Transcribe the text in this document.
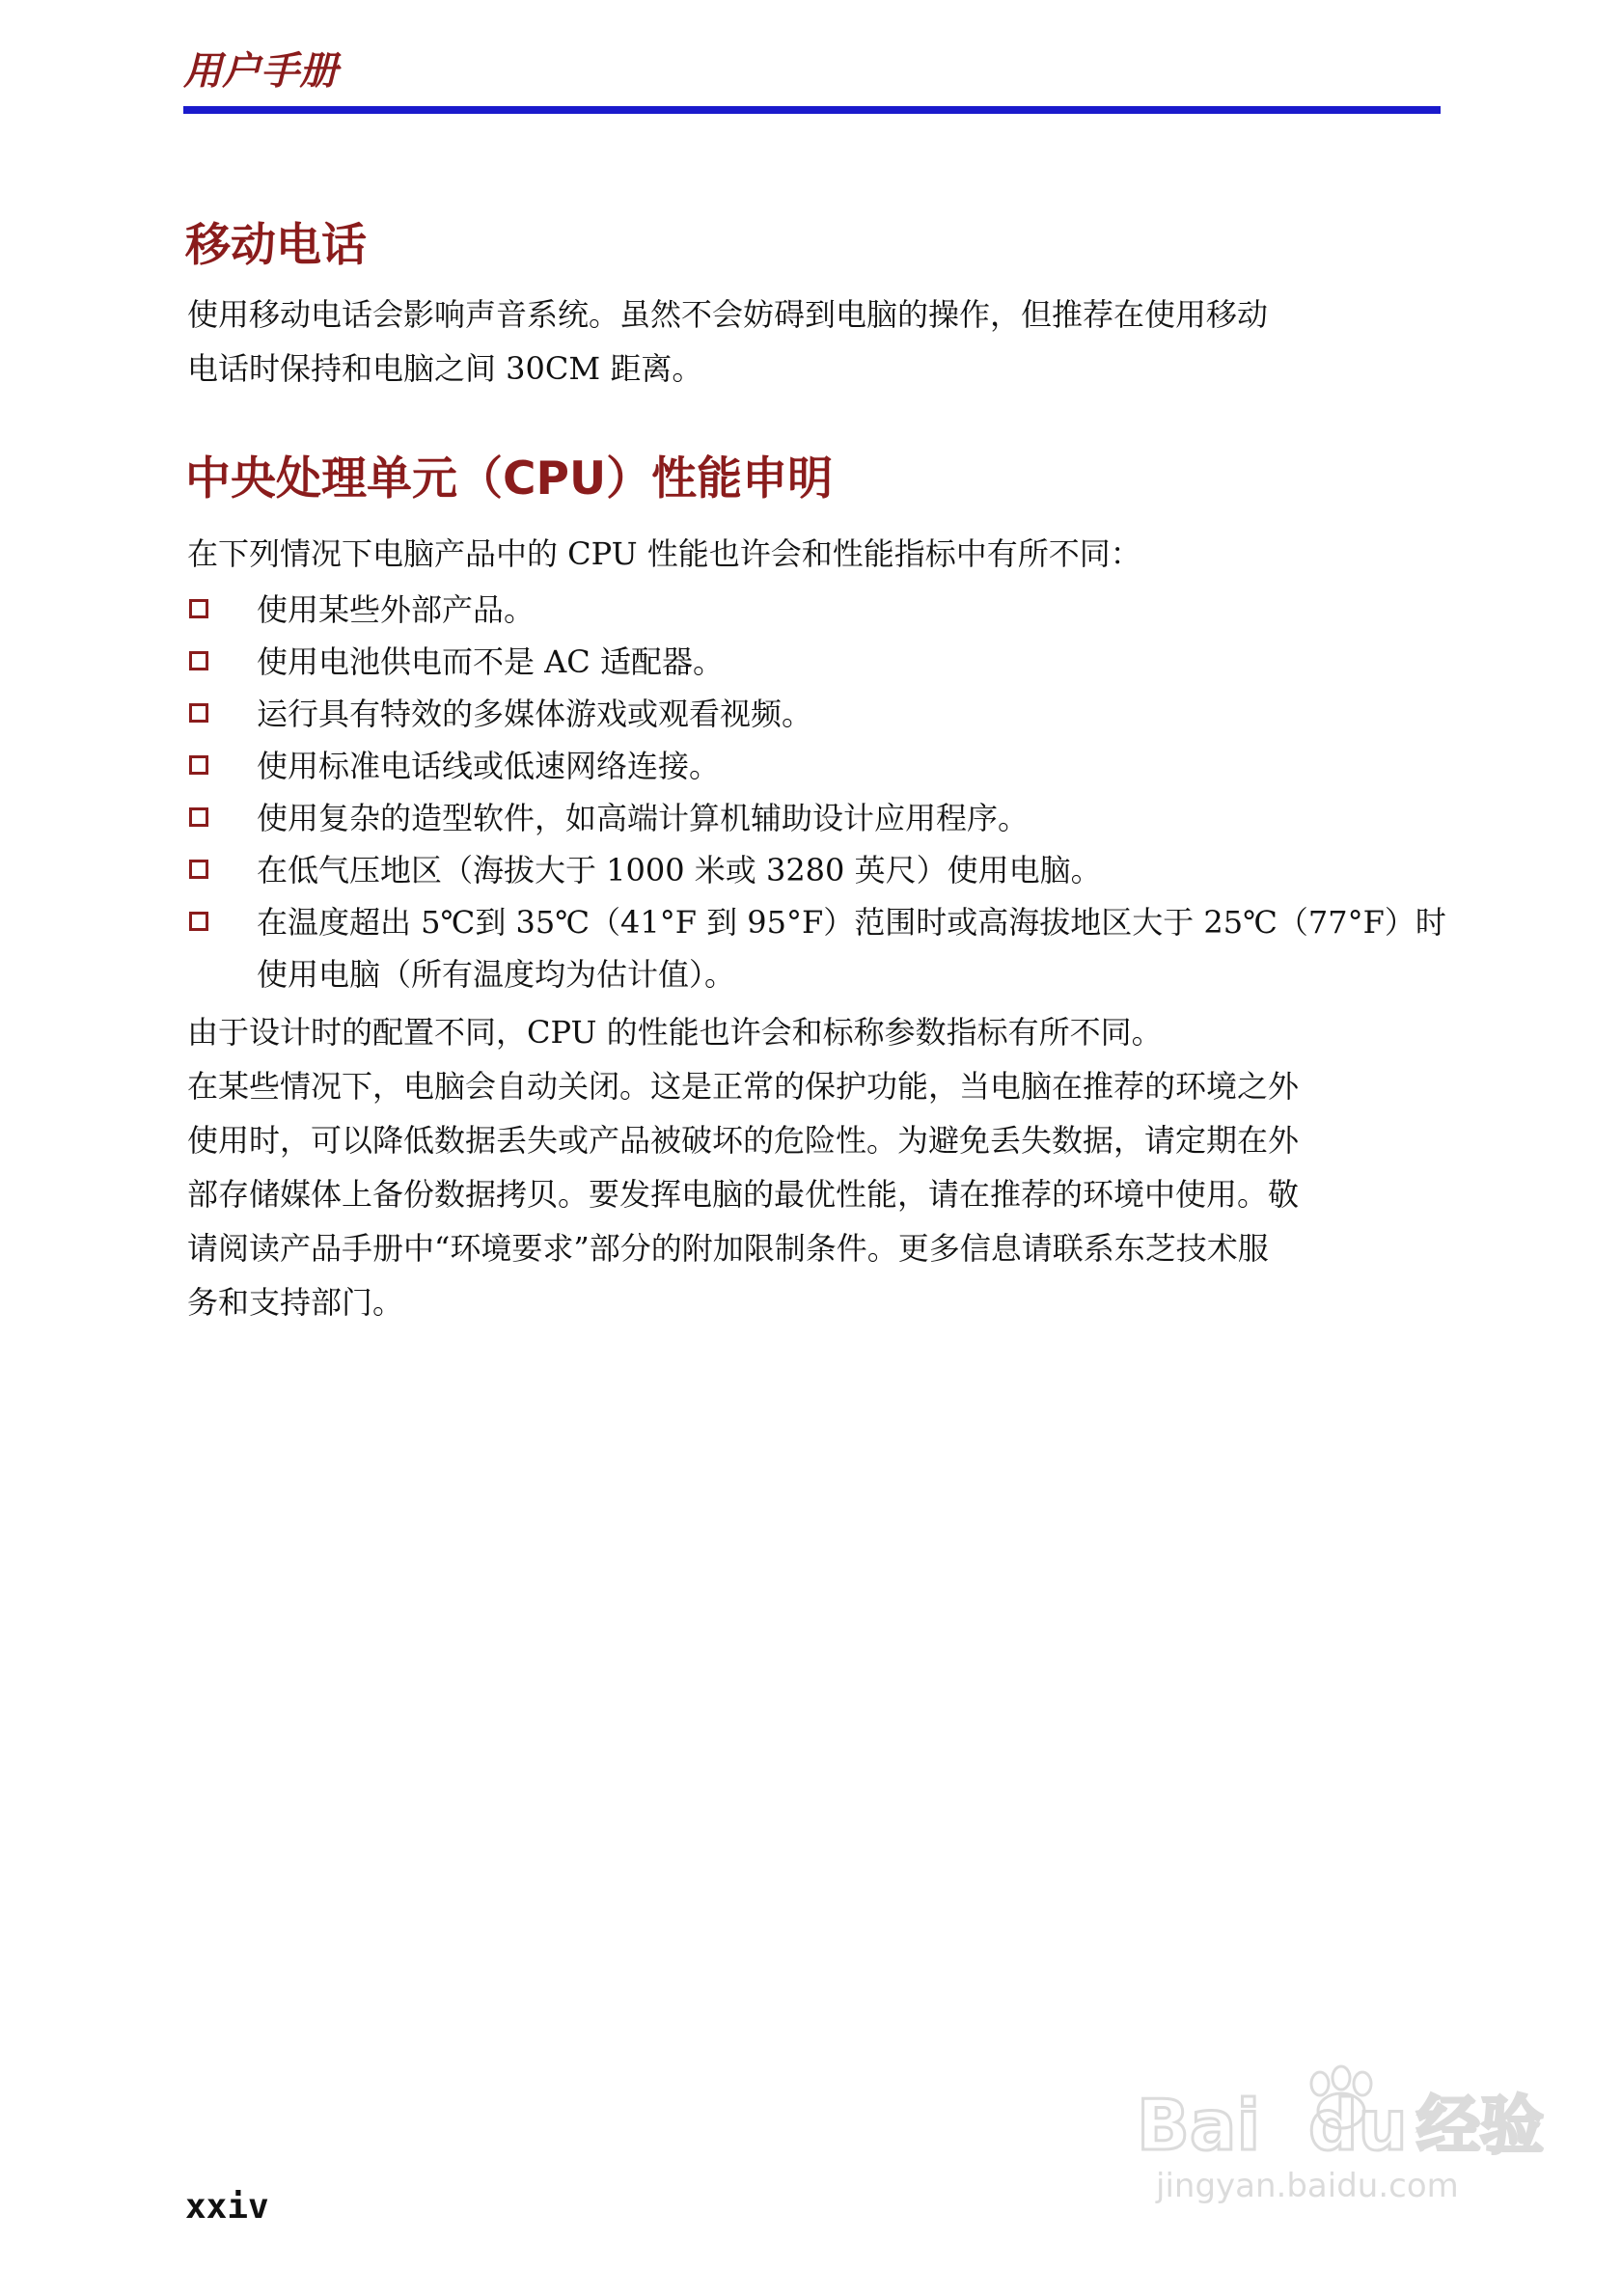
用户手册
移动电话
使用移动电话会影响声音系统。虽然不会妨碍到电脑的操作，但推荐在使用移动
电话时保持和电脑之间 30CM 距离。
中央处理单元（CPU）性能申明
在下列情况下电脑产品中的 CPU 性能也许会和性能指标中有所不同：
使用某些外部产品。
使用电池供电而不是 AC 适配器。
运行具有特效的多媒体游戏或观看视频。
使用标准电话线或低速网络连接。
使用复杂的造型软件，如高端计算机辅助设计应用程序。
在低气压地区（海拔大于 1000 米或 3280 英尺）使用电脑。
在温度超出 5℃到 35℃（41°F 到 95°F）范围时或高海拔地区大于 25℃（77°F）时使用电脑（所有温度均为估计值）。
由于设计时的配置不同，CPU 的性能也许会和标称参数指标有所不同。
在某些情况下，电脑会自动关闭。这是正常的保护功能，当电脑在推荐的环境之外
使用时，可以降低数据丢失或产品被破坏的危险性。为避免丢失数据，请定期在外
部存储媒体上备份数据拷贝。要发挥电脑的最优性能，请在推荐的环境中使用。敬
请阅读产品手册中“环境要求”部分的附加限制条件。更多信息请联系东芝技术服
务和支持部门。
xxiv
Bai du 经验
jingyan.baidu.com
